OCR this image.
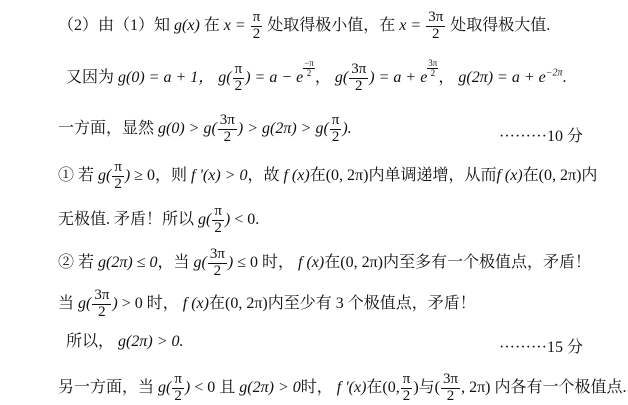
（2）由（1）知 g(x) 在 $x = \frac{\pi}{2}$ 处取得极小值，在 $x = \frac{3\pi}{2}$ 处取得极大值.
又因为 g(0) = a + 1， $g( \frac{\pi}{2}$ ) = a − e $\frac{-\pi}{2}$ ， $g( \frac{3\pi}{2}$ ) = a + e $\frac{3\pi}{2}$ ， $g(2\pi) = a + e^{-2\pi}$.
一方面，显然 $g(0) > g( \frac{3\pi}{2}$ ) > $g(2\pi) > g( \frac{\pi}{2}$ ).	·········10 分
① 若 $g( \frac{\pi}{2}$ ) ≥ 0，则 f '(x) > 0，故 f (x)在(0, 2π)内单调递增，从而f (x)在(0, 2π)内
无极值. 矛盾！所以 $g( \frac{\pi}{2}$ ) < 0.
② 若 g(2π) ≤ 0，当 $g( \frac{3\pi}{2}$ ) ≤ 0 时， f (x)在(0, 2π)内至多有一个极值点，矛盾！
当 $g( \frac{3\pi}{2}$ ) > 0 时， f (x)在(0, 2π)内至少有 3 个极值点，矛盾！
所以， g(2π) > 0.	·········15 分
另一方面，当 $g( \frac{\pi}{2}$ ) < 0 且 g(2π) > 0时， f '(x)在(0, $\frac{\pi}{2}$ )与( $\frac{3\pi}{2}$ , 2π) 内各有一个极值点.
